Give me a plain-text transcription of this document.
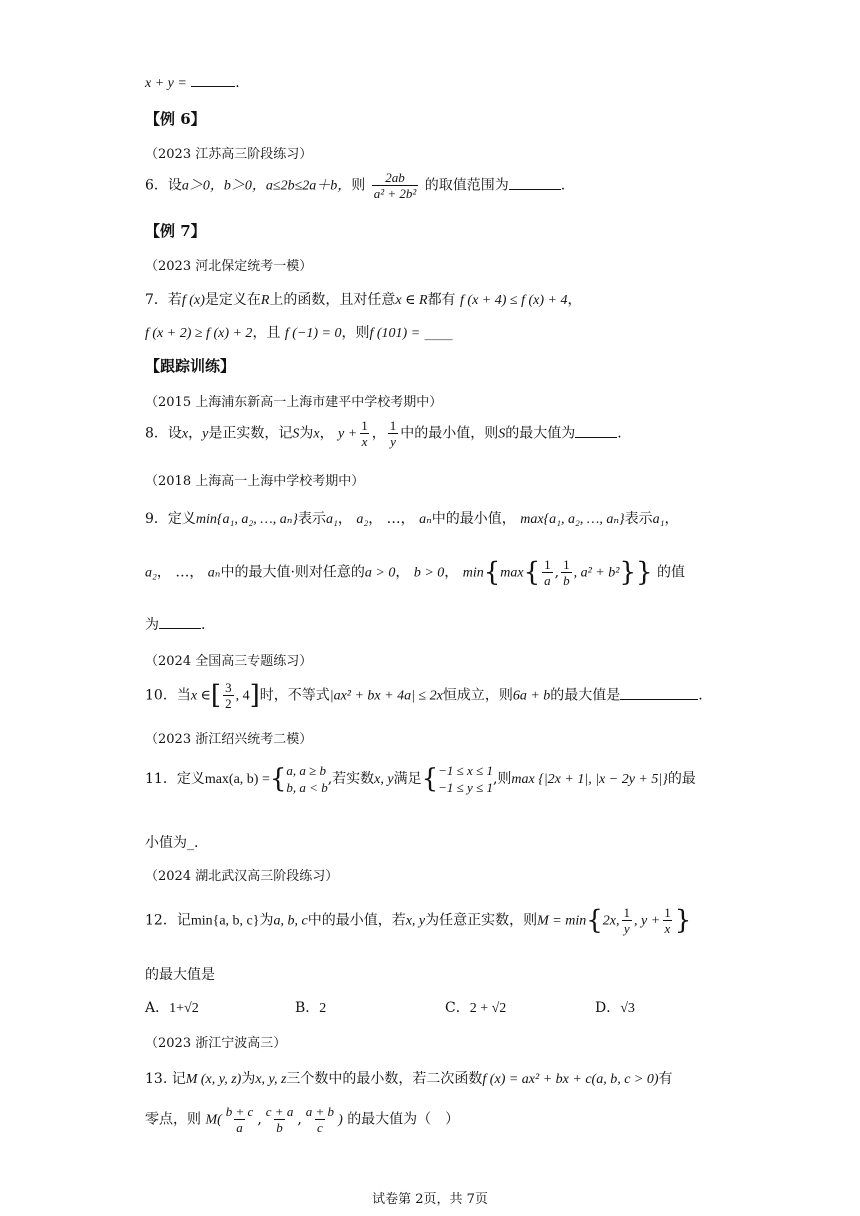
x + y =	.
【例 6】
（2023 江苏高三阶段练习）
6．设a＞0，b＞0，a≤2b≤2a＋b，则 $\frac{2ab}{\text{a² + 2b²}}$ 的取值范围为	.
【例 7】
（2023 河北保定统考一模）
7．若f (x)是定义在R上的函数，且对任意x ∈ R都有 f (x + 4) ≤ f (x) + 4，
f (x + 2) ≥ f (x) + 2，且 f (−1) = 0，则f (101) = ____
【跟踪训练】
（2015 上海浦东新高一上海市建平中学校考期中）
8．设x，y是正实数，记S为x， $y + \frac{1}{x}$ ， $\frac{1}{y}$ 中的最小值，则S的最大值为	.
（2018 上海高一上海中学校考期中）
9．定义min{a₁, a₂, …, aₙ}表示a₁， a₂， …， aₙ中的最小值， max{a₁, a₂, …, aₙ}表示a₁，
a₂， …， aₙ中的最大值·则对任意的a > 0， b > 0， $\min\{\max\{ \frac{1}{a}$ , $\frac{1}{b}$ , a² + b²}} 的值
为	.
（2024 全国高三专题练习）
10．当x ∈[ $\frac{3}{2}$ , 4]时，不等式|ax² + bx + 4a| ≤ 2x恒成立，则6a + b的最大值是	.
（2023 浙江绍兴统考二模）
11．定义max(a, b) ={ a, a ≥ b
b, a < b
,若实数x, y满足{ −1 ≤ x ≤ 1
−1 ≤ y ≤ 1
,则max {|2x + 1|, |x − 2y + 5|}的最
小值为_.
（2024 湖北武汉高三阶段练习）
12．记min{a, b, c}为a, b, c中的最小值，若x, y为任意正实数，则M = min{2x, $\frac{1}{y}$ , $y + \frac{1}{x}$ }
的最大值是
A．1+√2	B．2	C．2 + √2	D．√3
（2023 浙江宁波高三）
13. 记M (x, y, z)为x, y, z三个数中的最小数，若二次函数f (x) = ax² + bx + c(a, b, c > 0)有
零点，则 $M( \frac{b + c}{a}$ , $\frac{c + a}{b}$ , $\frac{a + b}{c}$ ) 的最大值为（　）
试卷第 2页，共 7页
